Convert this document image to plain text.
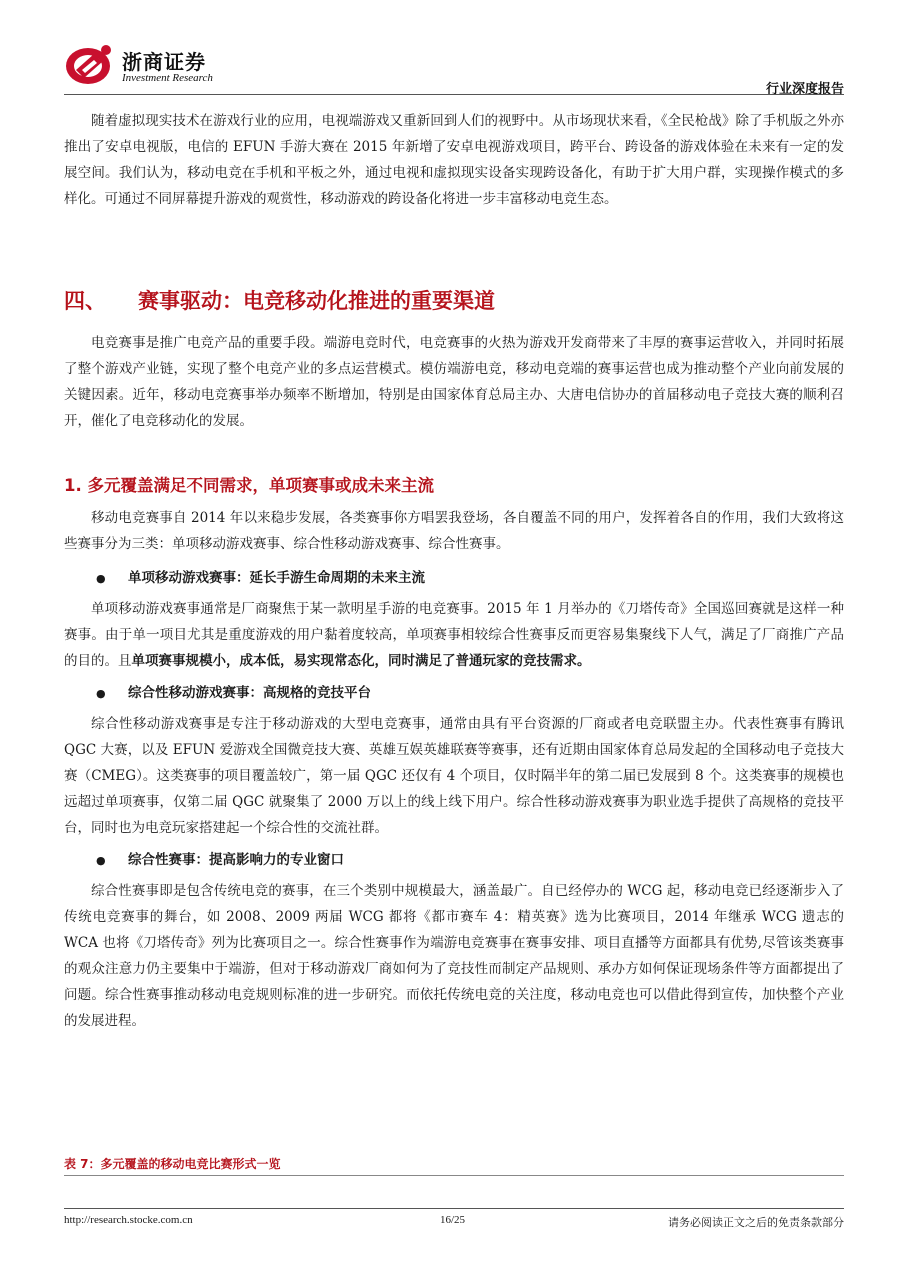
浙商证券
Investment Research
行业深度报告
随着虚拟现实技术在游戏行业的应用，电视端游戏又重新回到人们的视野中。从市场现状来看，《全民枪战》除了手机版之外亦推出了安卓电视版，电信的 EFUN 手游大赛在 2015 年新增了安卓电视游戏项目，跨平台、跨设备的游戏体验在未来有一定的发展空间。我们认为，移动电竞在手机和平板之外，通过电视和虚拟现实设备实现跨设备化，有助于扩大用户群，实现操作模式的多样化。可通过不同屏幕提升游戏的观赏性，移动游戏的跨设备化将进一步丰富移动电竞生态。
四、 赛事驱动：电竞移动化推进的重要渠道
电竞赛事是推广电竞产品的重要手段。端游电竞时代，电竞赛事的火热为游戏开发商带来了丰厚的赛事运营收入，并同时拓展了整个游戏产业链，实现了整个电竞产业的多点运营模式。模仿端游电竞，移动电竞端的赛事运营也成为推动整个产业向前发展的关键因素。近年，移动电竞赛事举办频率不断增加，特别是由国家体育总局主办、大唐电信协办的首届移动电子竞技大赛的顺利召开，催化了电竞移动化的发展。
1. 多元覆盖满足不同需求，单项赛事或成未来主流
移动电竞赛事自 2014 年以来稳步发展，各类赛事你方唱罢我登场，各自覆盖不同的用户，发挥着各自的作用，我们大致将这些赛事分为三类：单项移动游戏赛事、综合性移动游戏赛事、综合性赛事。
● 单项移动游戏赛事：延长手游生命周期的未来主流
单项移动游戏赛事通常是厂商聚焦于某一款明星手游的电竞赛事。2015 年 1 月举办的《刀塔传奇》全国巡回赛就是这样一种赛事。由于单一项目尤其是重度游戏的用户黏着度较高，单项赛事相较综合性赛事反而更容易集聚线下人气，满足了厂商推广产品的目的。且单项赛事规模小，成本低，易实现常态化，同时满足了普通玩家的竞技需求。
● 综合性移动游戏赛事：高规格的竞技平台
综合性移动游戏赛事是专注于移动游戏的大型电竞赛事，通常由具有平台资源的厂商或者电竞联盟主办。代表性赛事有腾讯 QGC 大赛，以及 EFUN 爱游戏全国微竞技大赛、英雄互娱英雄联赛等赛事，还有近期由国家体育总局发起的全国移动电子竞技大赛（CMEG）。这类赛事的项目覆盖较广，第一届 QGC 还仅有 4 个项目，仅时隔半年的第二届已发展到 8 个。这类赛事的规模也远超过单项赛事，仅第二届 QGC 就聚集了 2000 万以上的线上线下用户。综合性移动游戏赛事为职业选手提供了高规格的竞技平台，同时也为电竞玩家搭建起一个综合性的交流社群。
● 综合性赛事：提高影响力的专业窗口
综合性赛事即是包含传统电竞的赛事，在三个类别中规模最大，涵盖最广。自已经停办的 WCG 起，移动电竞已经逐渐步入了传统电竞赛事的舞台，如 2008、2009 两届 WCG 都将《都市赛车 4：精英赛》选为比赛项目，2014 年继承 WCG 遗志的 WCA 也将《刀塔传奇》列为比赛项目之一。综合性赛事作为端游电竞赛事在赛事安排、项目直播等方面都具有优势,尽管该类赛事的观众注意力仍主要集中于端游，但对于移动游戏厂商如何为了竞技性而制定产品规则、承办方如何保证现场条件等方面都提出了问题。综合性赛事推动移动电竞规则标准的进一步研究。而依托传统电竞的关注度，移动电竞也可以借此得到宣传，加快整个产业的发展进程。
表 7：多元覆盖的移动电竞比赛形式一览
http://research.stocke.com.cn	16/25	请务必阅读正文之后的免责条款部分
